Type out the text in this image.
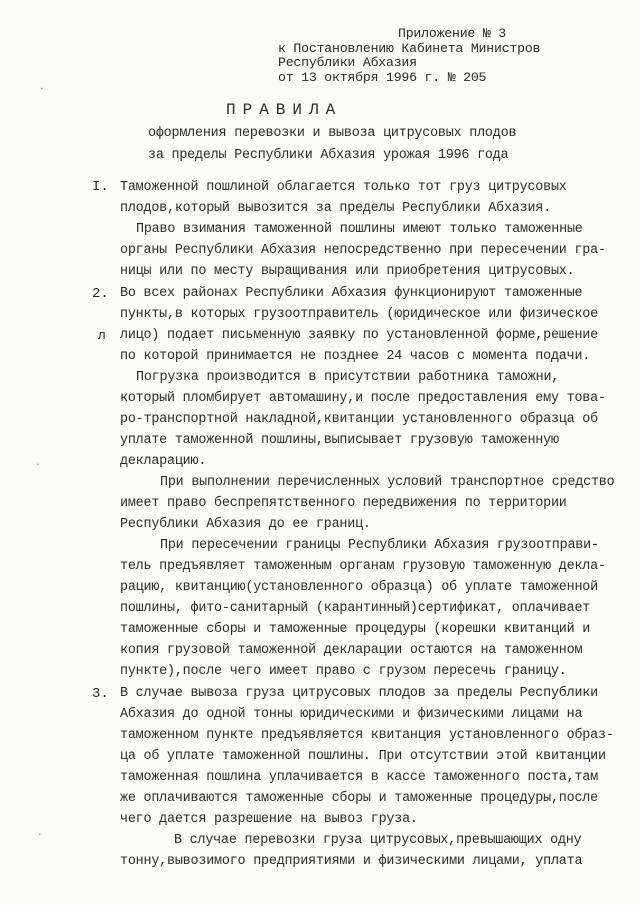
·
·
·
Приложение № 3
к Постановлению Кабинета Министров
Республики Абхазия
от 13 октября 1996 г. № 205
ПРАВИЛА
оформления перевозки и вывоза цитрусовых плодов
за пределы Республики Абхазия урожая 1996 года
I. Таможенной пошлиной облагается только тот груз цитрусовых
плодов,который вывозится за пределы Республики Абхазия.
Право взимания таможенной пошлины имеют только таможенные
органы Республики Абхазия непосредственно при пересечении гра-
ницы или по месту выращивания или приобретения цитрусовых.
2. Во всех районах Республики Абхазия функционируют таможенные
пункты,в которых грузоотправитель (юридическое или физическое
л лицо) подает письменную заявку по установленной форме,решение
по которой принимается не позднее 24 часов с момента подачи.
Погрузка производится в присутствии работника таможни,
который пломбирует автомашину,и после предоставления ему това-
ро-транспортной накладной,квитанции установленного образца об
уплате таможенной пошлины,выписывает грузовую таможенную
декларацию.
При выполнении перечисленных условий транспортное средство
имеет право беспрепятственного передвижения по территории
Республики Абхазия до ее границ.
При пересечении границы Республики Абхазия грузоотправи-
тель предъявляет таможенным органам грузовую таможенную декла-
рацию, квитанцию(установленного образца) об уплате таможенной
пошлины, фито-санитарный (карантинный)сертификат, оплачивает
таможенные сборы и таможенные процедуры (корешки квитанций и
копия грузовой таможенной декларации остаются на таможенном
пункте),после чего имеет право с грузом пересечь границу.
3. В случае вывоза груза цитрусовых плодов за пределы Республики
Абхазия до одной тонны юридическими и физическими лицами на
таможенном пункте предъявляется квитанция установленного образ-
ца об уплате таможенной пошлины. При отсутствии этой квитанции
таможенная пошлина уплачивается в кассе таможенного поста,там
же оплачиваются таможенные сборы и таможенные процедуры,после
чего дается разрешение на вывоз груза.
В случае перевозки груза цитрусовых,превышающих одну
тонну,вывозимого предприятиями и физическими лицами, уплата
